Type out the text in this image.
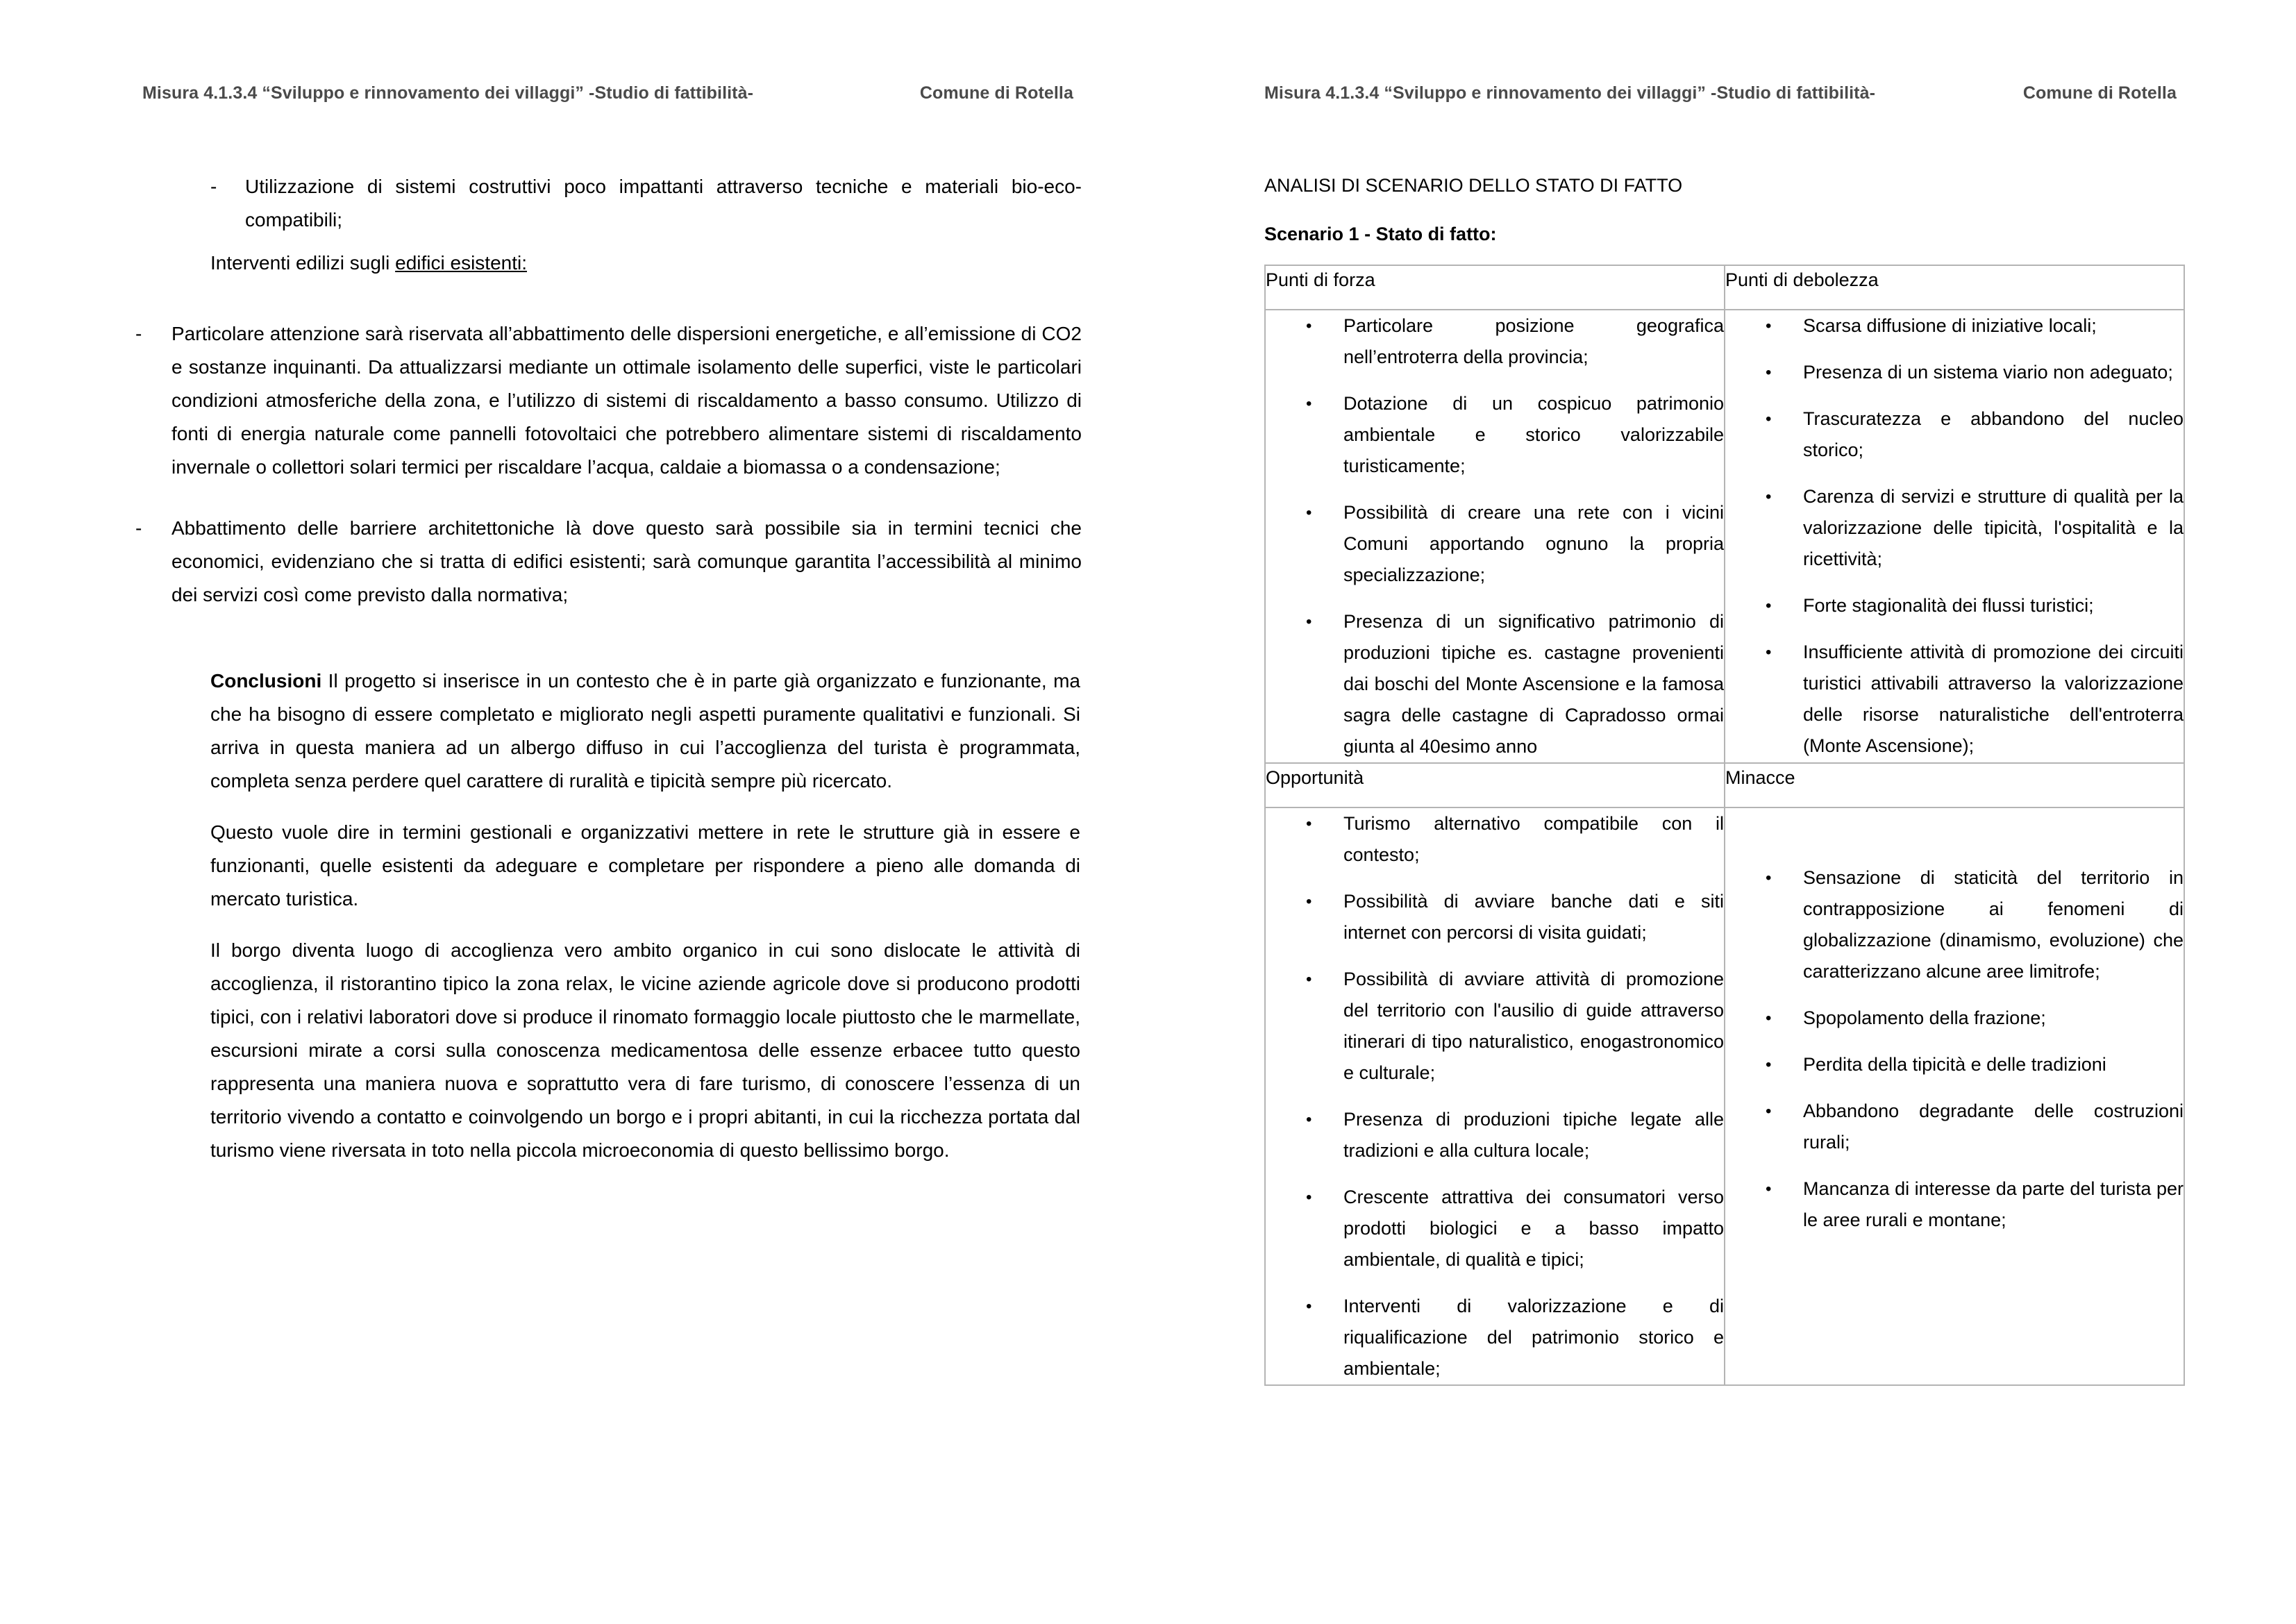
Misura 4.1.3.4 “Sviluppo e rinnovamento dei villaggi” -Studio di fattibilità-	Comune di Rotella
-	Utilizzazione di sistemi costruttivi poco impattanti attraverso tecniche e materiali bio-eco-compatibili;
Interventi edilizi sugli edifici esistenti:
-	Particolare attenzione sarà riservata all’abbattimento delle dispersioni energetiche, e all’emissione di CO2 e sostanze inquinanti. Da attualizzarsi mediante un ottimale isolamento delle superfici, viste le particolari condizioni atmosferiche della zona, e l’utilizzo di sistemi di riscaldamento a basso consumo. Utilizzo di fonti di energia naturale come pannelli fotovoltaici che potrebbero alimentare sistemi di riscaldamento invernale o collettori solari termici per riscaldare l’acqua, caldaie a biomassa o a condensazione;
-	Abbattimento delle barriere architettoniche là dove questo sarà possibile sia in termini tecnici che economici, evidenziano che si tratta di edifici esistenti; sarà comunque garantita l’accessibilità al minimo dei servizi così come previsto dalla normativa;
Conclusioni Il progetto si inserisce in un contesto che è in parte già organizzato e funzionante, ma che ha bisogno di essere completato e migliorato negli aspetti puramente qualitativi e funzionali. Si arriva in questa maniera ad un albergo diffuso in cui l’accoglienza del turista è programmata, completa senza perdere quel carattere di ruralità e tipicità sempre più ricercato.
Questo vuole dire in termini gestionali e organizzativi mettere in rete le strutture già in essere e funzionanti, quelle esistenti da adeguare e completare per rispondere a pieno alle domanda di mercato turistica.
Il borgo diventa luogo di accoglienza vero ambito organico in cui sono dislocate le attività di accoglienza, il ristorantino tipico la zona relax, le vicine aziende agricole dove si producono prodotti tipici, con i relativi laboratori dove si produce il rinomato formaggio locale piuttosto che le marmellate, escursioni mirate a corsi sulla conoscenza medicamentosa delle essenze erbacee tutto questo rappresenta una maniera nuova e soprattutto vera di fare turismo, di conoscere l’essenza di un territorio vivendo a contatto e coinvolgendo un borgo e i propri abitanti, in cui la ricchezza portata dal turismo viene riversata in toto nella piccola microeconomia di questo bellissimo borgo.
Misura 4.1.3.4 “Sviluppo e rinnovamento dei villaggi” -Studio di fattibilità-	Comune di Rotella
ANALISI DI SCENARIO DELLO STATO DI FATTO
Scenario 1 - Stato di fatto:
Punti di forza	Punti di debolezza

• Particolare posizione geografica nell’entroterra della provincia;
• Dotazione di un cospicuo patrimonio ambientale e storico valorizzabile turisticamente;
• Possibilità di creare una rete con i vicini Comuni apportando ognuno la propria specializzazione;
• Presenza di un significativo patrimonio di produzioni tipiche es. castagne provenienti dai boschi del Monte Ascensione e la famosa sagra delle castagne di Capradosso ormai giunta al 40esimo anno

• Scarsa diffusione di iniziative locali;
• Presenza di un sistema viario non adeguato;
• Trascuratezza e abbandono del nucleo storico;
• Carenza di servizi e strutture di qualità per la valorizzazione delle tipicità, l'ospitalità e la ricettività;
• Forte stagionalità dei flussi turistici;
• Insufficiente attività di promozione dei circuiti turistici attivabili attraverso la valorizzazione delle risorse naturalistiche dell'entroterra (Monte Ascensione);

Opportunità	Minacce

• Turismo alternativo compatibile con il contesto;
• Possibilità di avviare banche dati e siti internet con percorsi di visita guidati;
• Possibilità di avviare attività di promozione del territorio con l'ausilio di guide attraverso itinerari di tipo naturalistico, enogastronomico e culturale;
• Presenza di produzioni tipiche legate alle tradizioni e alla cultura locale;
• Crescente attrattiva dei consumatori verso prodotti biologici e a basso impatto ambientale, di qualità e tipici;
• Interventi di valorizzazione e di riqualificazione del patrimonio storico e ambientale;

• Sensazione di staticità del territorio in contrapposizione ai fenomeni di globalizzazione (dinamismo, evoluzione) che caratterizzano alcune aree limitrofe;
• Spopolamento della frazione;
• Perdita della tipicità e delle tradizioni
• Abbandono degradante delle costruzioni rurali;
• Mancanza di interesse da parte del turista per le aree rurali e montane;
